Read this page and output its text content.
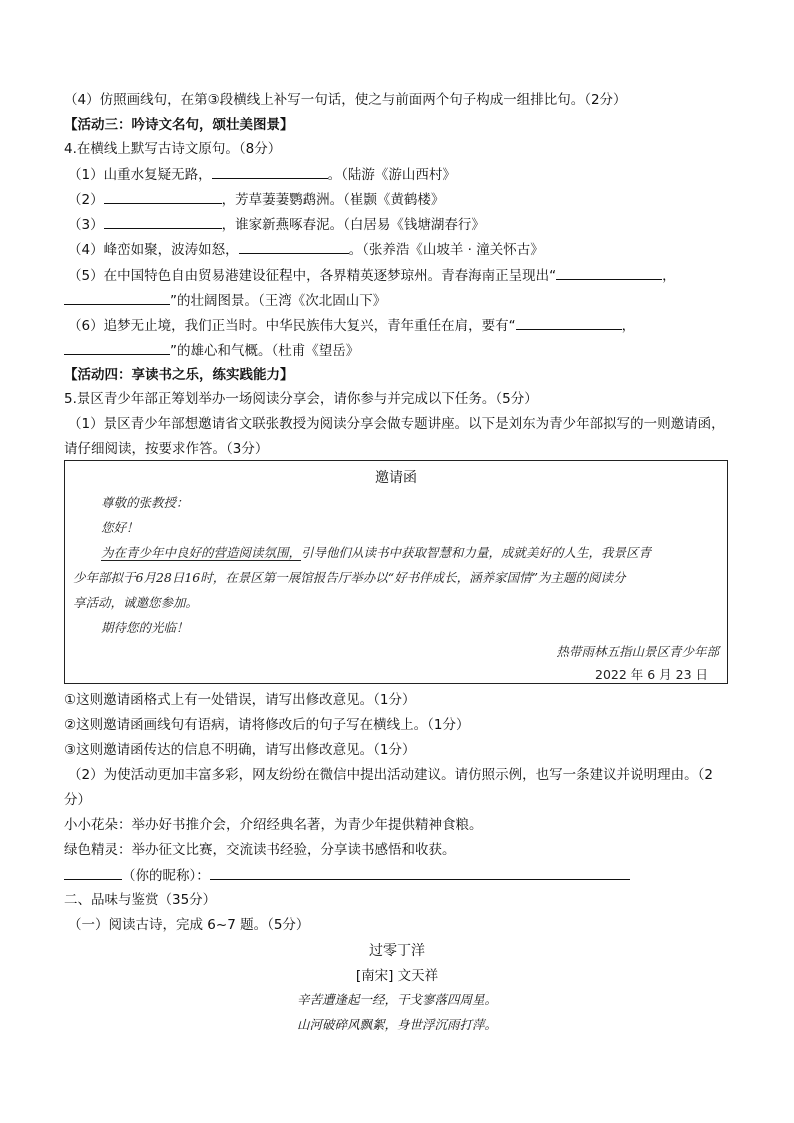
（4）仿照画线句，在第③段横线上补写一句话，使之与前面两个句子构成一组排比句。（2分）
【活动三：吟诗文名句，颂壮美图景】
4.在横线上默写古诗文原句。（8分）
（1）山重水复疑无路，	。（陆游《游山西村》
（2）	，芳草萋萋鹦鹉洲。（崔颢《黄鹤楼》
（3）	，谁家新燕啄春泥。（白居易《钱塘湖春行》
（4）峰峦如聚，波涛如怒，	。（张养浩《山坡羊 · 潼关怀古》
（5）在中国特色自由贸易港建设征程中，各界精英逐梦琼州。青春海南正呈现出“	，
”的壮阔图景。（王湾《次北固山下》
（6）追梦无止境，我们正当时。中华民族伟大复兴，青年重任在肩，要有“	，
”的雄心和气概。（杜甫《望岳》
【活动四：享读书之乐，练实践能力】
5.景区青少年部正筹划举办一场阅读分享会，请你参与并完成以下任务。（5分）
（1）景区青少年部想邀请省文联张教授为阅读分享会做专题讲座。以下是刘东为青少年部拟写的一则邀请函，
请仔细阅读，按要求作答。（3分）
邀请函
尊敬的张教授：
您好！
为在青少年中良好的营造阅读氛围，引导他们从读书中获取智慧和力量，成就美好的人生，我景区青
少年部拟于6月28日16时，在景区第一展馆报告厅举办以“好书伴成长，涵养家国情”为主题的阅读分
享活动，诚邀您参加。
期待您的光临！
热带雨林五指山景区青少年部
2022 年 6 月 23 日
①这则邀请函格式上有一处错误，请写出修改意见。（1分）
②这则邀请函画线句有语病，请将修改后的句子写在横线上。（1分）
③这则邀请函传达的信息不明确，请写出修改意见。（1分）
（2）为使活动更加丰富多彩，网友纷纷在微信中提出活动建议。请仿照示例，也写一条建议并说明理由。（2
分）
小小花朵：举办好书推介会，介绍经典名著，为青少年提供精神食粮。
绿色精灵：举办征文比赛，交流读书经验，分享读书感悟和收获。
（你的昵称）：
二、品味与鉴赏（35分）
（一）阅读古诗，完成 6~7 题。（5分）
过零丁洋
[南宋] 文天祥
辛苦遭逢起一经，干戈寥落四周星。
山河破碎风飘絮，身世浮沉雨打萍。
